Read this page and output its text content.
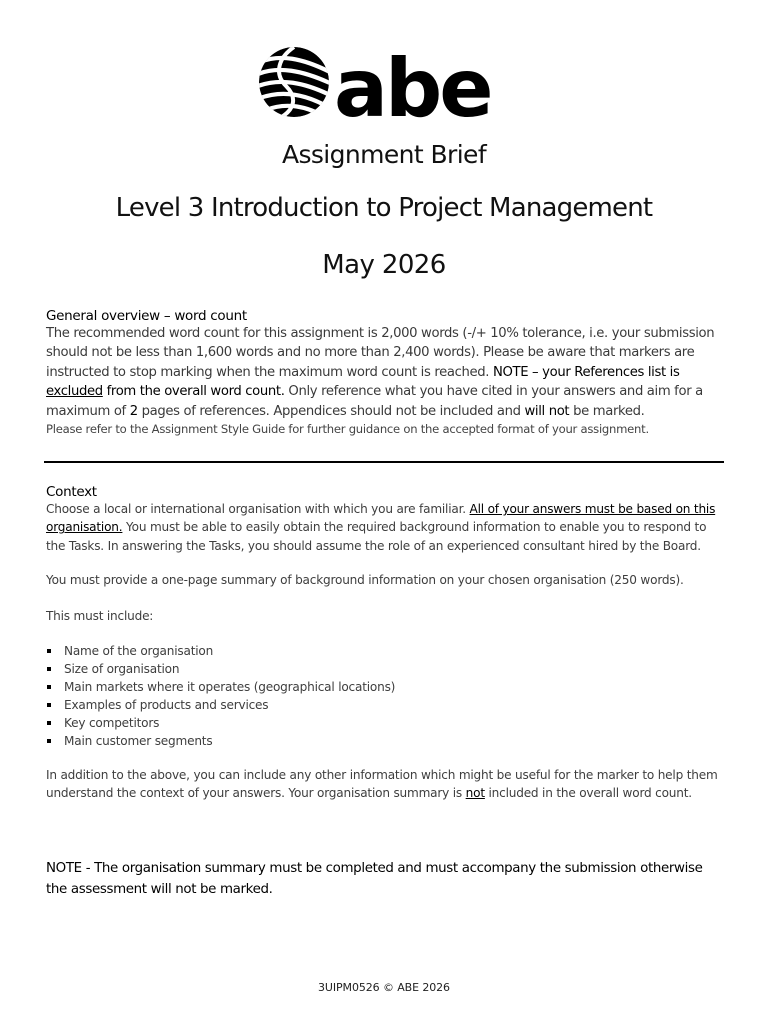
abe
Assignment Brief
Level 3 Introduction to Project Management
May 2026
General overview – word count
The recommended word count for this assignment is 2,000 words (-/+ 10% tolerance, i.e. your submission should not be less than 1,600 words and no more than 2,400 words). Please be aware that markers are instructed to stop marking when the maximum word count is reached. NOTE – your References list is excluded from the overall word count. Only reference what you have cited in your answers and aim for a maximum of 2 pages of references. Appendices should not be included and will not be marked.
Please refer to the Assignment Style Guide for further guidance on the accepted format of your assignment.
Context
Choose a local or international organisation with which you are familiar. All of your answers must be based on this organisation. You must be able to easily obtain the required background information to enable you to respond to the Tasks. In answering the Tasks, you should assume the role of an experienced consultant hired by the Board.
You must provide a one-page summary of background information on your chosen organisation (250 words).
This must include:
Name of the organisation
Size of organisation
Main markets where it operates (geographical locations)
Examples of products and services
Key competitors
Main customer segments
In addition to the above, you can include any other information which might be useful for the marker to help them understand the context of your answers. Your organisation summary is not included in the overall word count.
NOTE - The organisation summary must be completed and must accompany the submission otherwise the assessment will not be marked.
3UIPM0526 © ABE 2026
